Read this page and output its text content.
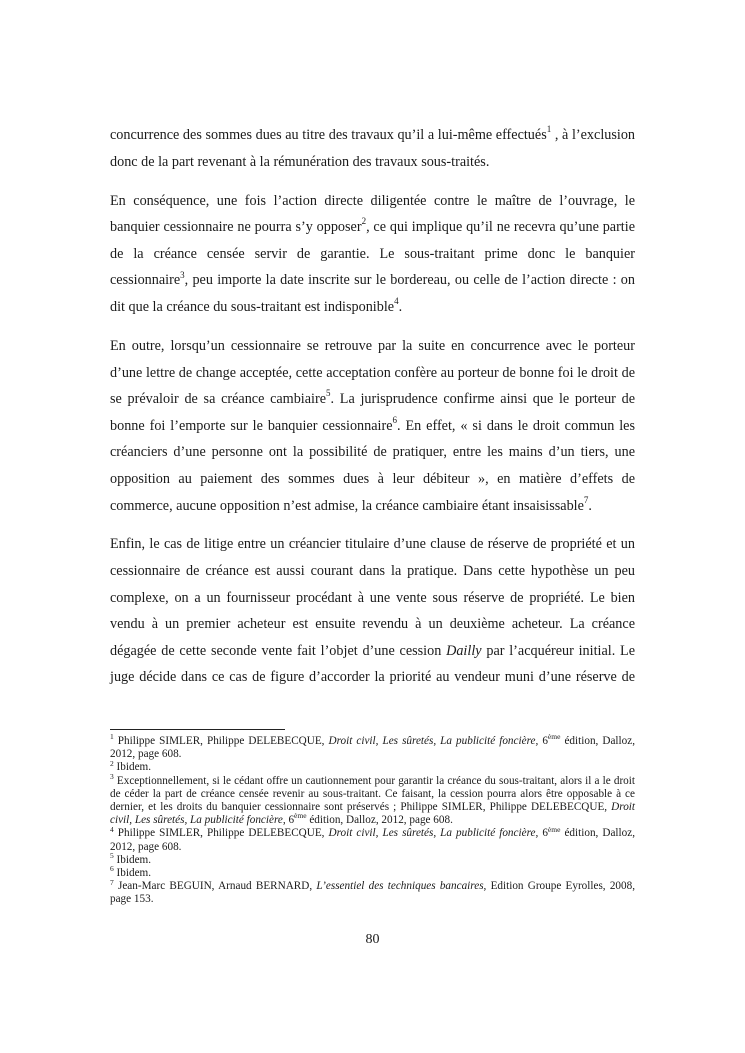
concurrence des sommes dues au titre des travaux qu’il a lui-même effectués$^1$ , à l’exclusion donc de la part revenant à la rémunération des travaux sous-traités.

En conséquence, une fois l’action directe diligentée contre le maître de l’ouvrage, le banquier cessionnaire ne pourra s’y opposer$^2$, ce qui implique qu’il ne recevra qu’une partie de la créance censée servir de garantie. Le sous-traitant prime donc le banquier cessionnaire$^3$, peu importe la date inscrite sur le bordereau, ou celle de l’action directe : on dit que la créance du sous-traitant est indisponible$^4$.

En outre, lorsqu’un cessionnaire se retrouve par la suite en concurrence avec le porteur d’une lettre de change acceptée, cette acceptation confère au porteur de bonne foi le droit de se prévaloir de sa créance cambiaire$^5$. La jurisprudence confirme ainsi que le porteur de bonne foi l’emporte sur le banquier cessionnaire$^6$. En effet, « si dans le droit commun les créanciers d’une personne ont la possibilité de pratiquer, entre les mains d’un tiers, une opposition au paiement des sommes dues à leur débiteur », en matière d’effets de commerce, aucune opposition n’est admise, la créance cambiaire étant insaisissable$^7$.

Enfin, le cas de litige entre un créancier titulaire d’une clause de réserve de propriété et un cessionnaire de créance est aussi courant dans la pratique. Dans cette hypothèse un peu complexe, on a un fournisseur procédant à une vente sous réserve de propriété. Le bien vendu à un premier acheteur est ensuite revendu à un deuxième acheteur. La créance dégagée de cette seconde vente fait l’objet d’une cession Dailly par l’acquéreur initial. Le juge décide dans ce cas de figure d’accorder la priorité au vendeur muni d’une réserve de

$^1$ Philippe SIMLER, Philippe DELEBECQUE, Droit civil, Les sûretés, La publicité foncière, 6ème édition, Dalloz, 2012, page 608.
$^2$ Ibidem.
$^3$ Exceptionnellement, si le cédant offre un cautionnement pour garantir la créance du sous-traitant, alors il a le droit de céder la part de créance censée revenir au sous-traitant. Ce faisant, la cession pourra alors être opposable à ce dernier, et les droits du banquier cessionnaire sont préservés ; Philippe SIMLER, Philippe DELEBECQUE, Droit civil, Les sûretés, La publicité foncière, 6ème édition, Dalloz, 2012, page 608.
$^4$ Philippe SIMLER, Philippe DELEBECQUE, Droit civil, Les sûretés, La publicité foncière, 6ème édition, Dalloz, 2012, page 608.
$^5$ Ibidem.
$^6$ Ibidem.
$^7$ Jean-Marc BEGUIN, Arnaud BERNARD, L’essentiel des techniques bancaires, Edition Groupe Eyrolles, 2008, page 153.
80
